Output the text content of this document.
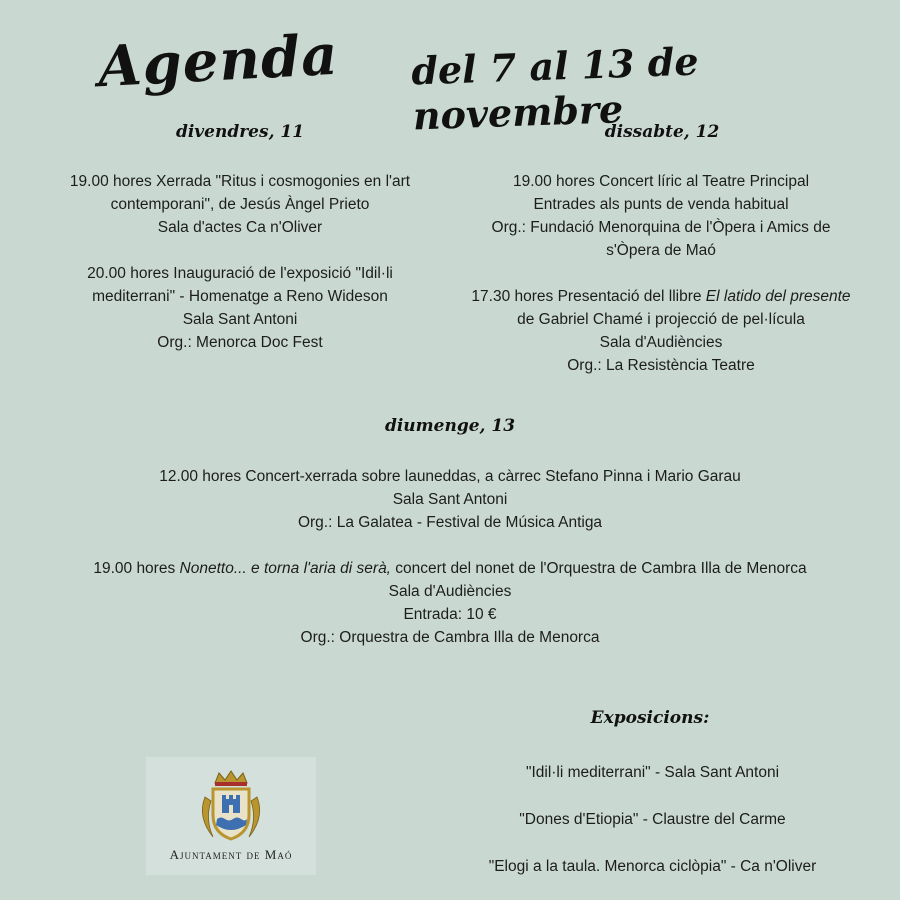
Agenda del 7 al 13 de novembre
divendres, 11

19.00 hores Xerrada "Ritus i cosmogonies en l'art
contemporani", de Jesús Àngel Prieto
Sala d'actes Ca n'Oliver

20.00 hores Inauguració de l'exposició "Idil·li
mediterrani" - Homenatge a Reno Wideson
Sala Sant Antoni
Org.: Menorca Doc Fest

dissabte, 12

19.00 hores Concert líric al Teatre Principal
Entrades als punts de venda habitual
Org.: Fundació Menorquina de l'Òpera i Amics de
s'Òpera de Maó

17.30 hores Presentació del llibre El latido del presente
de Gabriel Chamé i projecció de pel·lícula
Sala d'Audiències
Org.: La Resistència Teatre

diumenge, 13

12.00 hores Concert-xerrada sobre launeddas, a càrrec Stefano Pinna i Mario Garau
Sala Sant Antoni
Org.: La Galatea - Festival de Música Antiga

19.00 hores Nonetto... e torna l'aria di serà, concert del nonet de l'Orquestra de Cambra Illa de Menorca
Sala d'Audiències
Entrada: 10 €
Org.: Orquestra de Cambra Illa de Menorca

Ajuntament de Maó
Exposicions:
"Idil·li mediterrani" - Sala Sant Antoni
"Dones d'Etiopia" - Claustre del Carme
"Elogi a la taula. Menorca ciclòpia" - Ca n'Oliver
